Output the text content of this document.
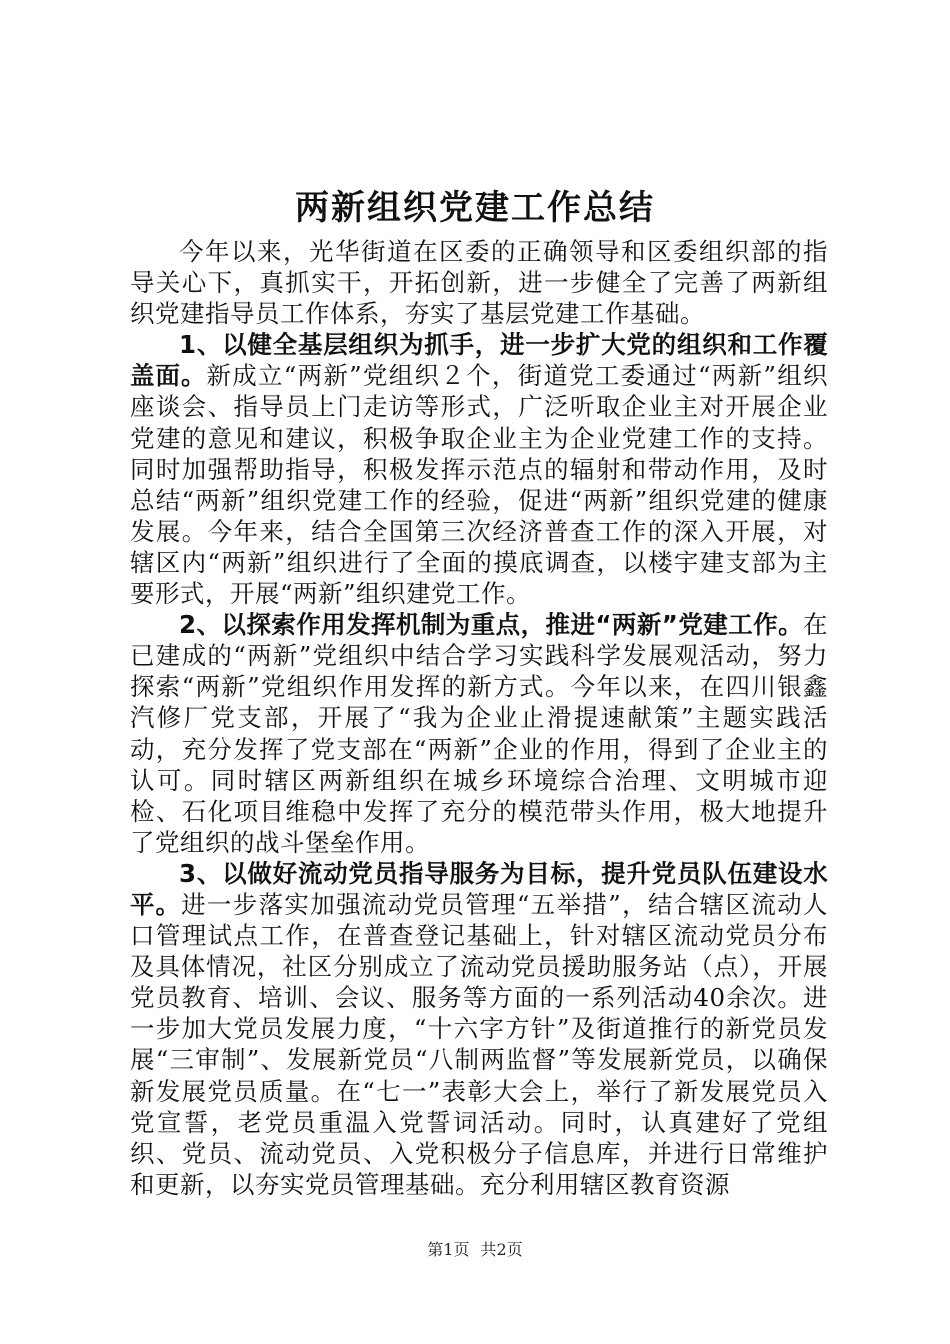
两新组织党建工作总结

今年以来，光华街道在区委的正确领导和区委组织部的指导关心下，真抓实干，开拓创新，进一步健全了完善了两新组织党建指导员工作体系，夯实了基层党建工作基础。

1、以健全基层组织为抓手，进一步扩大党的组织和工作覆盖面。新成立“两新”党组织２个，街道党工委通过“两新”组织座谈会、指导员上门走访等形式，广泛听取企业主对开展企业党建的意见和建议，积极争取企业主为企业党建工作的支持。同时加强帮助指导，积极发挥示范点的辐射和带动作用，及时总结“两新”组织党建工作的经验，促进“两新”组织党建的健康发展。今年来，结合全国第三次经济普查工作的深入开展，对辖区内“两新”组织进行了全面的摸底调查，以楼宇建支部为主要形式，开展“两新”组织建党工作。

2、以探索作用发挥机制为重点，推进“两新”党建工作。在已建成的“两新”党组织中结合学习实践科学发展观活动，努力探索“两新”党组织作用发挥的新方式。今年以来，在四川银鑫汽修厂党支部，开展了“我为企业止滑提速献策”主题实践活动，充分发挥了党支部在“两新”企业的作用，得到了企业主的认可。同时辖区两新组织在城乡环境综合治理、文明城市迎检、石化项目维稳中发挥了充分的模范带头作用，极大地提升了党组织的战斗堡垒作用。

3、以做好流动党员指导服务为目标，提升党员队伍建设水平。进一步落实加强流动党员管理“五举措”，结合辖区流动人口管理试点工作，在普查登记基础上，针对辖区流动党员分布及具体情况，社区分别成立了流动党员援助服务站（点），开展党员教育、培训、会议、服务等方面的一系列活动40余次。进一步加大党员发展力度，“十六字方针”及街道推行的新党员发展“三审制”、发展新党员“八制两监督”等发展新党员，以确保新发展党员质量。在“七一”表彰大会上，举行了新发展党员入党宣誓，老党员重温入党誓词活动。同时，认真建好了党组织、党员、流动党员、入党积极分子信息库，并进行日常维护和更新，以夯实党员管理基础。充分利用辖区教育资源

第1页 共2页
